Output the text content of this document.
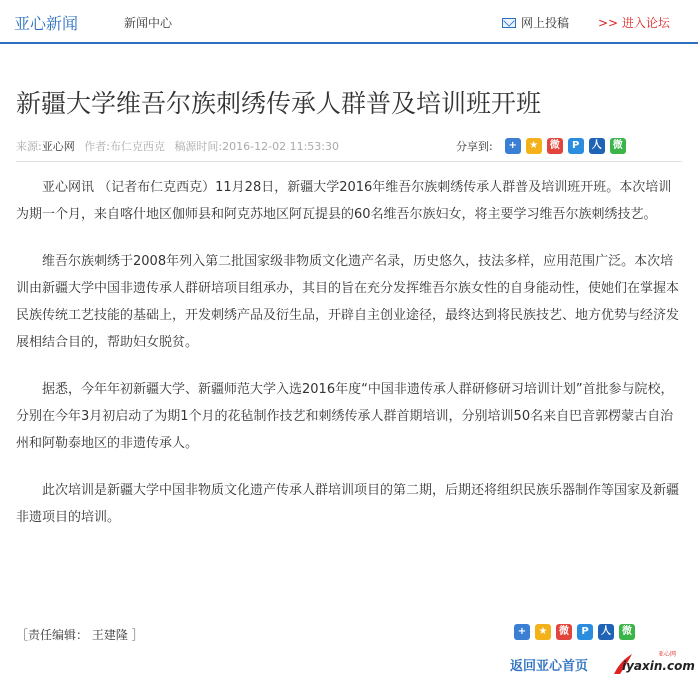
亚心新闻	新闻中心	网上投稿 >> 进入论坛
新疆大学维吾尔族刺绣传承人群普及培训班开班
来源:亚心网 作者:布仁克西克 稿源时间:2016-12-02 11:53:30	分享到:	+	★	微	P	人	微

亚心网讯 （记者布仁克西克）11月28日，新疆大学2016年维吾尔族刺绣传承人群普及培训班开班。本次培训为期一个月，来自喀什地区伽师县和阿克苏地区阿瓦提县的60名维吾尔族妇女，将主要学习维吾尔族刺绣技艺。

维吾尔族刺绣于2008年列入第二批国家级非物质文化遗产名录，历史悠久，技法多样，应用范围广泛。本次培训由新疆大学中国非遗传承人群研培项目组承办，其目的旨在充分发挥维吾尔族女性的自身能动性，使她们在掌握本民族传统工艺技能的基础上，开发刺绣产品及衍生品，开辟自主创业途径，最终达到将民族技艺、地方优势与经济发展相结合目的，帮助妇女脱贫。

据悉，今年年初新疆大学、新疆师范大学入选2016年度“中国非遗传承人群研修研习培训计划”首批参与院校，分别在今年3月初启动了为期1个月的花毡制作技艺和刺绣传承人群首期培训，分别培训50名来自巴音郭楞蒙古自治州和阿勒泰地区的非遗传承人。

此次培训是新疆大学中国非物质文化遗产传承人群培训项目的第二期，后期还将组织民族乐器制作等国家及新疆非遗项目的培训。

［责任编辑： 王建隆 ］	+	★	微	P	人	微
返回亚心首页
亚心网
iyaxin.com
